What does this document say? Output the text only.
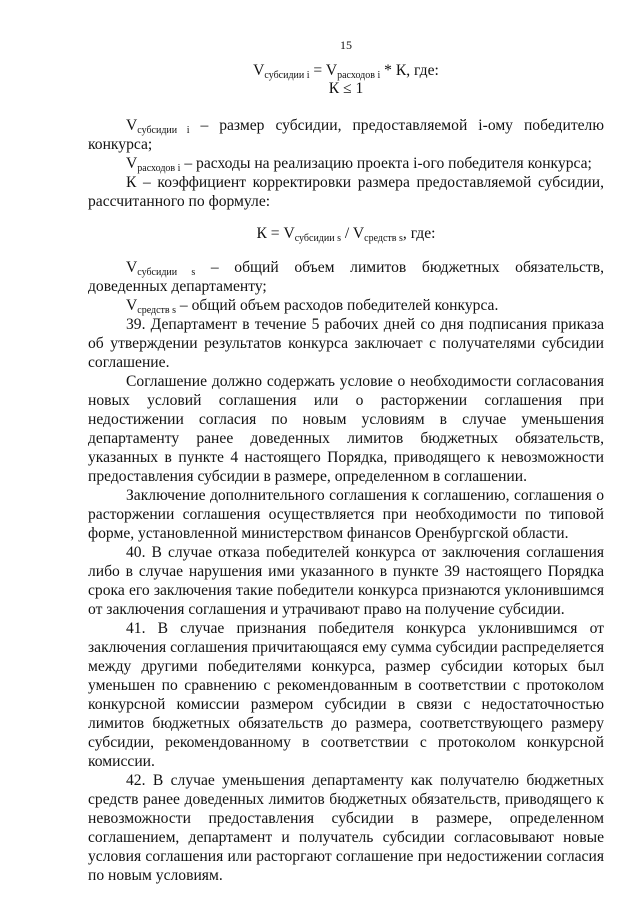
15
$V_{субсидии i} = V_{расходов i} * К$, где:
К ≤ 1

$V_{субсидии i}$ – размер субсидии, предоставляемой i-ому победителю конкурса;

$V_{расходов i}$ – расходы на реализацию проекта i-ого победителя конкурса;

К – коэффициент корректировки размера предоставляемой субсидии, рассчитанного по формуле:

$К = V_{субсидии s} / V_{средств s}$, где:

$V_{субсидии s}$ – общий объем лимитов бюджетных обязательств, доведенных департаменту;

$V_{средств s}$ – общий объем расходов победителей конкурса.

39. Департамент в течение 5 рабочих дней со дня подписания приказа об утверждении результатов конкурса заключает с получателями субсидии соглашение.

Соглашение должно содержать условие о необходимости согласования новых условий соглашения или о расторжении соглашения при недостижении согласия по новым условиям в случае уменьшения департаменту ранее доведенных лимитов бюджетных обязательств, указанных в пункте 4 настоящего Порядка, приводящего к невозможности предоставления субсидии в размере, определенном в соглашении.

Заключение дополнительного соглашения к соглашению, соглашения о расторжении соглашения осуществляется при необходимости по типовой форме, установленной министерством финансов Оренбургской области.

40. В случае отказа победителей конкурса от заключения соглашения либо в случае нарушения ими указанного в пункте 39 настоящего Порядка срока его заключения такие победители конкурса признаются уклонившимся от заключения соглашения и утрачивают право на получение субсидии.

41. В случае признания победителя конкурса уклонившимся от заключения соглашения причитающаяся ему сумма субсидии распределяется между другими победителями конкурса, размер субсидии которых был уменьшен по сравнению с рекомендованным в соответствии с протоколом конкурсной комиссии размером субсидии в связи с недостаточностью лимитов бюджетных обязательств до размера, соответствующего размеру субсидии, рекомендованному в соответствии с протоколом конкурсной комиссии.

42. В случае уменьшения департаменту как получателю бюджетных средств ранее доведенных лимитов бюджетных обязательств, приводящего к невозможности предоставления субсидии в размере, определенном соглашением, департамент и получатель субсидии согласовывают новые условия соглашения или расторгают соглашение при недостижении согласия по новым условиям.
